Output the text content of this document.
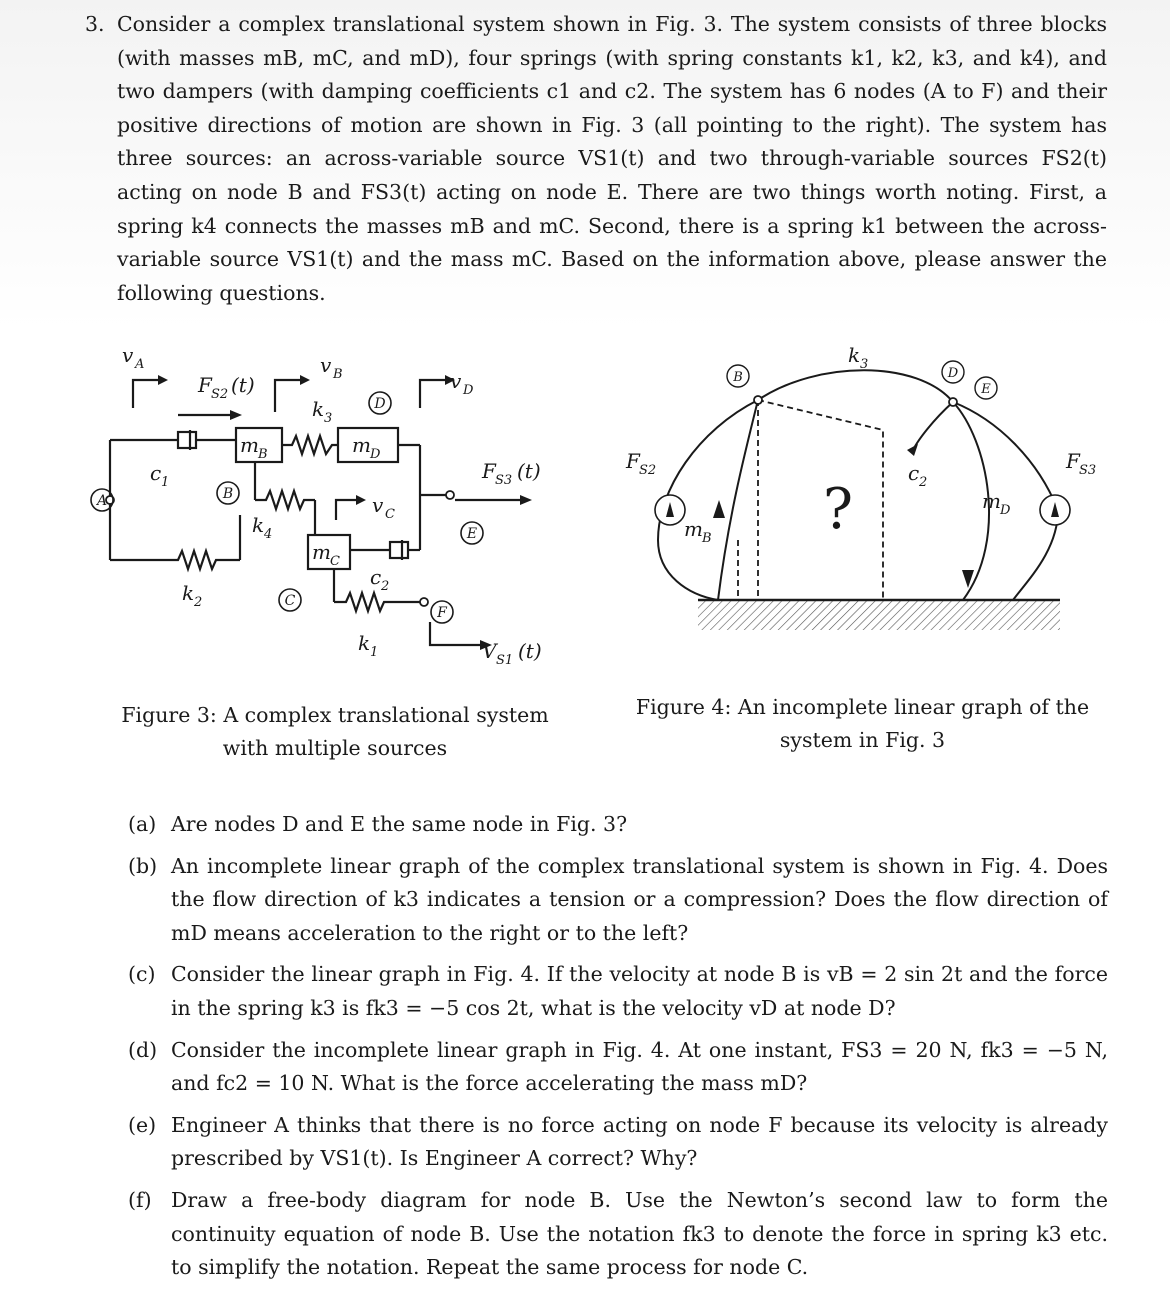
3. Consider a complex translational system shown in Fig. 3. The system consists of three blocks (with masses mB, mC, and mD), four springs (with spring constants k1, k2, k3, and k4), and two dampers (with damping coefficients c1 and c2. The system has 6 nodes (A to F) and their positive directions of motion are shown in Fig. 3 (all pointing to the right). The system has three sources: an across-variable source VS1(t) and two through-variable sources FS2(t) acting on node B and FS3(t) acting on node E. There are two things worth noting. First, a spring k4 connects the masses mB and mC. Second, there is a spring k1 between the across-variable source VS1(t) and the mass mC. Based on the information above, please answer the following questions.
v A	v B	v D
v C
F S2 (t)
F S3 (t)
V S1 (t)
c 1
c 2
k 1
k 2
k 3
k 4
m B
m C
m D
A	B
C
D
E
F
Figure 3: A complex translational system
with multiple sources
k 3
F S2	F S3
m B
m D
c 2
?
B	D
E
Figure 4: An incomplete linear graph of the
system in Fig. 3
(a) Are nodes D and E the same node in Fig. 3?
(b) An incomplete linear graph of the complex translational system is shown in Fig. 4. Does the flow direction of k3 indicates a tension or a compression? Does the flow direction of mD means acceleration to the right or to the left?
(c) Consider the linear graph in Fig. 4. If the velocity at node B is vB = 2 sin 2t and the force in the spring k3 is fk3 = −5 cos 2t, what is the velocity vD at node D?
(d) Consider the incomplete linear graph in Fig. 4. At one instant, FS3 = 20 N, fk3 = −5 N, and fc2 = 10 N. What is the force accelerating the mass mD?
(e) Engineer A thinks that there is no force acting on node F because its velocity is already prescribed by VS1(t). Is Engineer A correct? Why?
(f) Draw a free-body diagram for node B. Use the Newton’s second law to form the continuity equation of node B. Use the notation fk3 to denote the force in spring k3 etc. to simplify the notation. Repeat the same process for node C.
